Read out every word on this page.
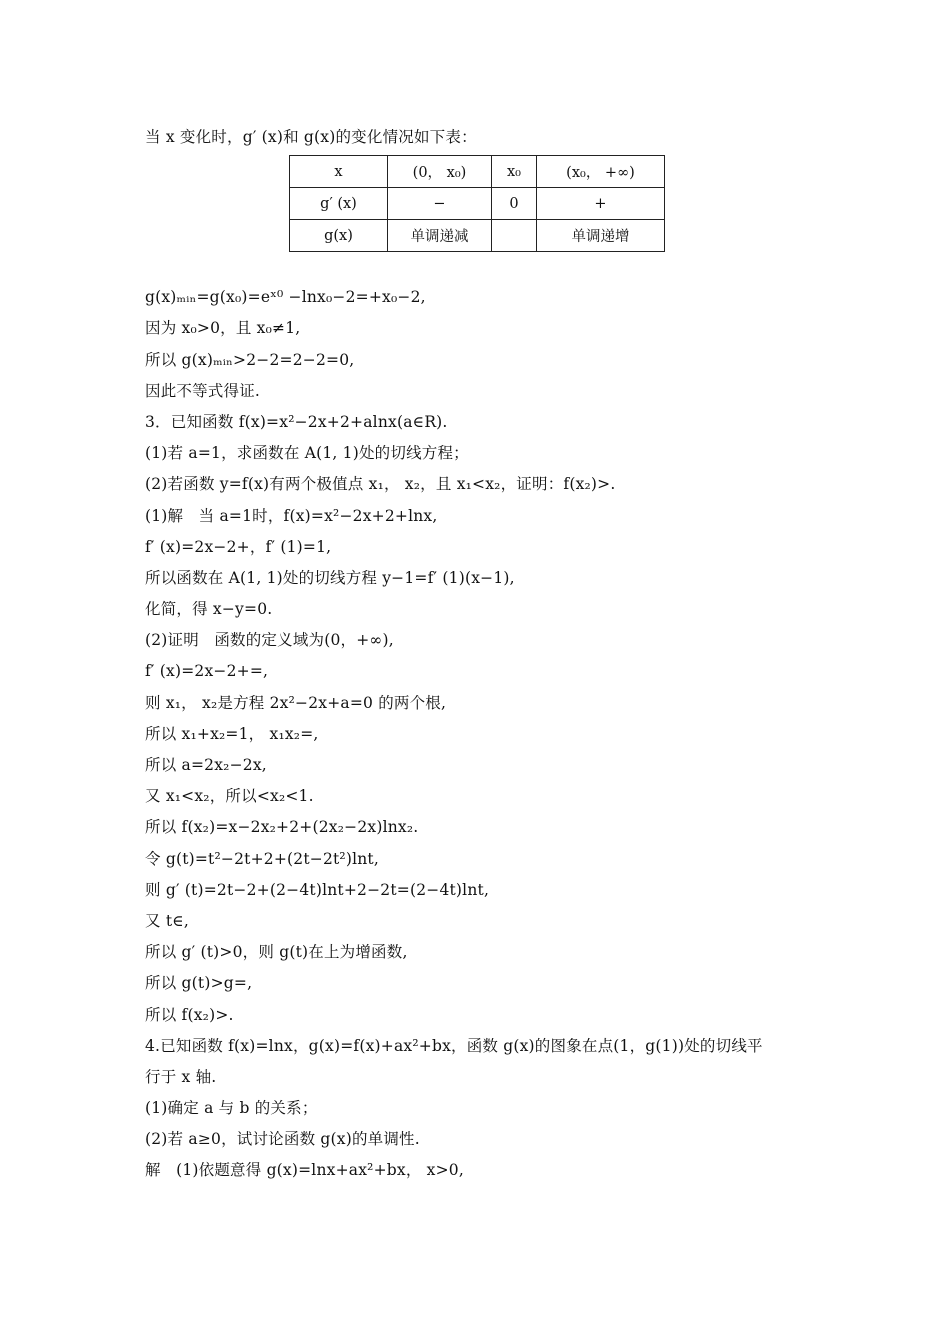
当 x 变化时，g′ (x)和 g(x)的变化情况如下表：
x	(0， x₀)	x₀	(x₀， +∞)
g′ (x)	−	0	+
g(x)	单调递减		单调递增
g(x)ₘᵢₙ=g(x₀)=eˣ⁰ −lnx₀−2=+x₀−2,
因为 x₀>0，且 x₀≠1,
所以 g(x)ₘᵢₙ>2−2=2−2=0,
因此不等式得证.
3．已知函数 f(x)=x²−2x+2+alnx(a∈R).
(1)若 a=1，求函数在 A(1, 1)处的切线方程；
(2)若函数 y=f(x)有两个极值点 x₁， x₂，且 x₁<x₂，证明：f(x₂)>.
(1)解   当 a=1时，f(x)=x²−2x+2+lnx,
f′ (x)=2x−2+，f′ (1)=1,
所以函数在 A(1, 1)处的切线方程 y−1=f′ (1)(x−1),
化简，得 x−y=0.
(2)证明   函数的定义域为(0，+∞),
f′ (x)=2x−2+=,
则 x₁， x₂是方程 2x²−2x+a=0 的两个根,
所以 x₁+x₂=1， x₁x₂=,
所以 a=2x₂−2x,
又 x₁<x₂，所以<x₂<1.
所以 f(x₂)=x−2x₂+2+(2x₂−2x)lnx₂.
令 g(t)=t²−2t+2+(2t−2t²)lnt,
则 g′ (t)=2t−2+(2−4t)lnt+2−2t=(2−4t)lnt,
又 t∈,
所以 g′ (t)>0，则 g(t)在上为增函数,
所以 g(t)>g=,
所以 f(x₂)>.
4.已知函数 f(x)=lnx，g(x)=f(x)+ax²+bx，函数 g(x)的图象在点(1，g(1))处的切线平
行于 x 轴.
(1)确定 a 与 b 的关系；
(2)若 a≥0，试讨论函数 g(x)的单调性.
解   (1)依题意得 g(x)=lnx+ax²+bx， x>0,
